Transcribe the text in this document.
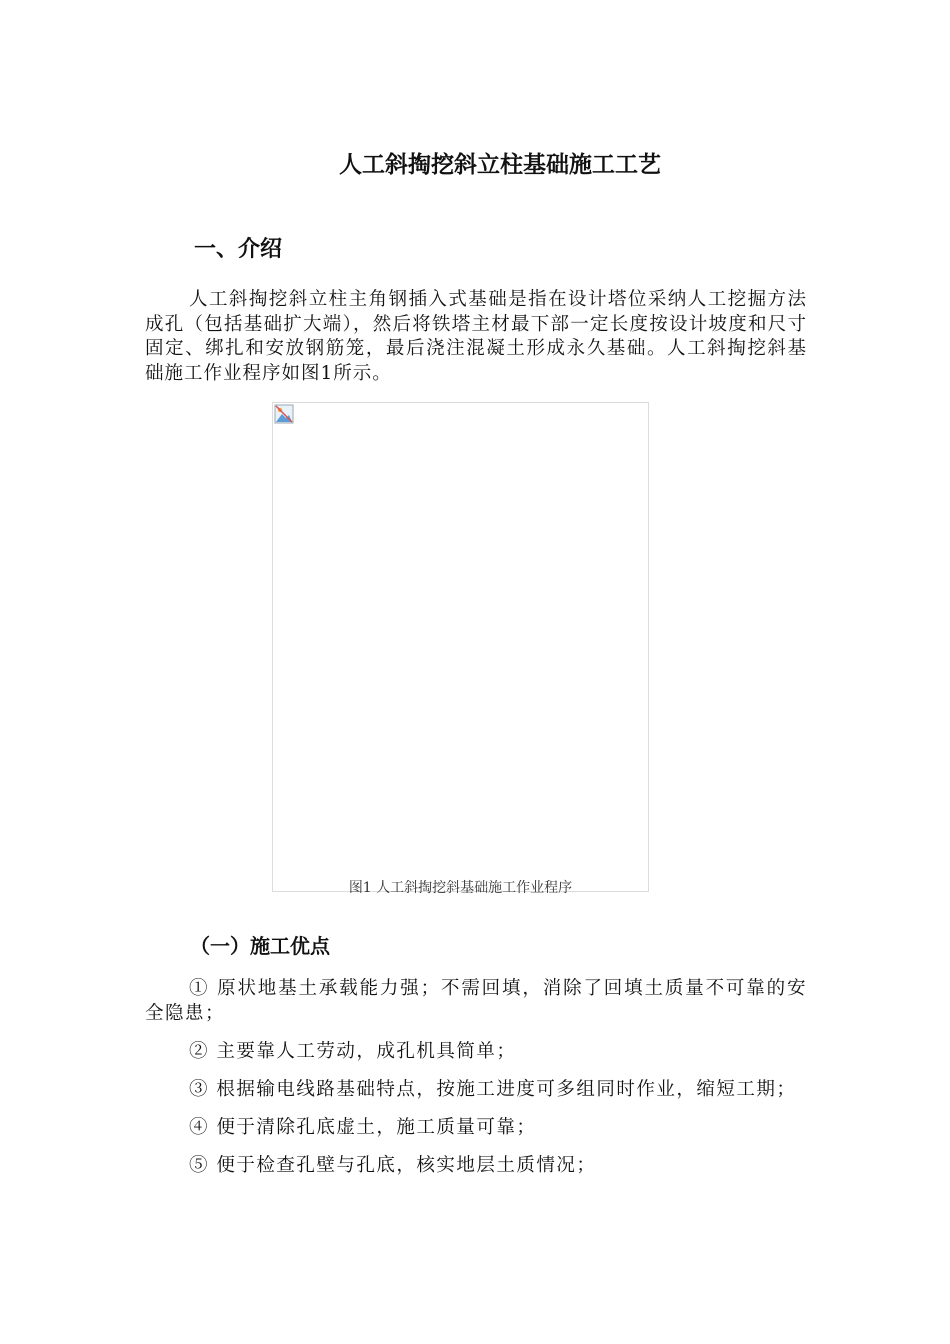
人工斜掏挖斜立柱基础施工工艺
一、介绍

人工斜掏挖斜立柱主角钢插入式基础是指在设计塔位采纳人工挖掘方法成孔（包括基础扩大端），然后将铁塔主材最下部一定长度按设计坡度和尺寸固定、绑扎和安放钢筋笼，最后浇注混凝土形成永久基础。人工斜掏挖斜基础施工作业程序如图1所示。

图1 人工斜掏挖斜基础施工作业程序
（一）施工优点

① 原状地基土承载能力强；不需回填，消除了回填土质量不可靠的安全隐患；

② 主要靠人工劳动，成孔机具简单；

③ 根据输电线路基础特点，按施工进度可多组同时作业，缩短工期；

④ 便于清除孔底虚土，施工质量可靠；

⑤ 便于检查孔壁与孔底，核实地层土质情况；
